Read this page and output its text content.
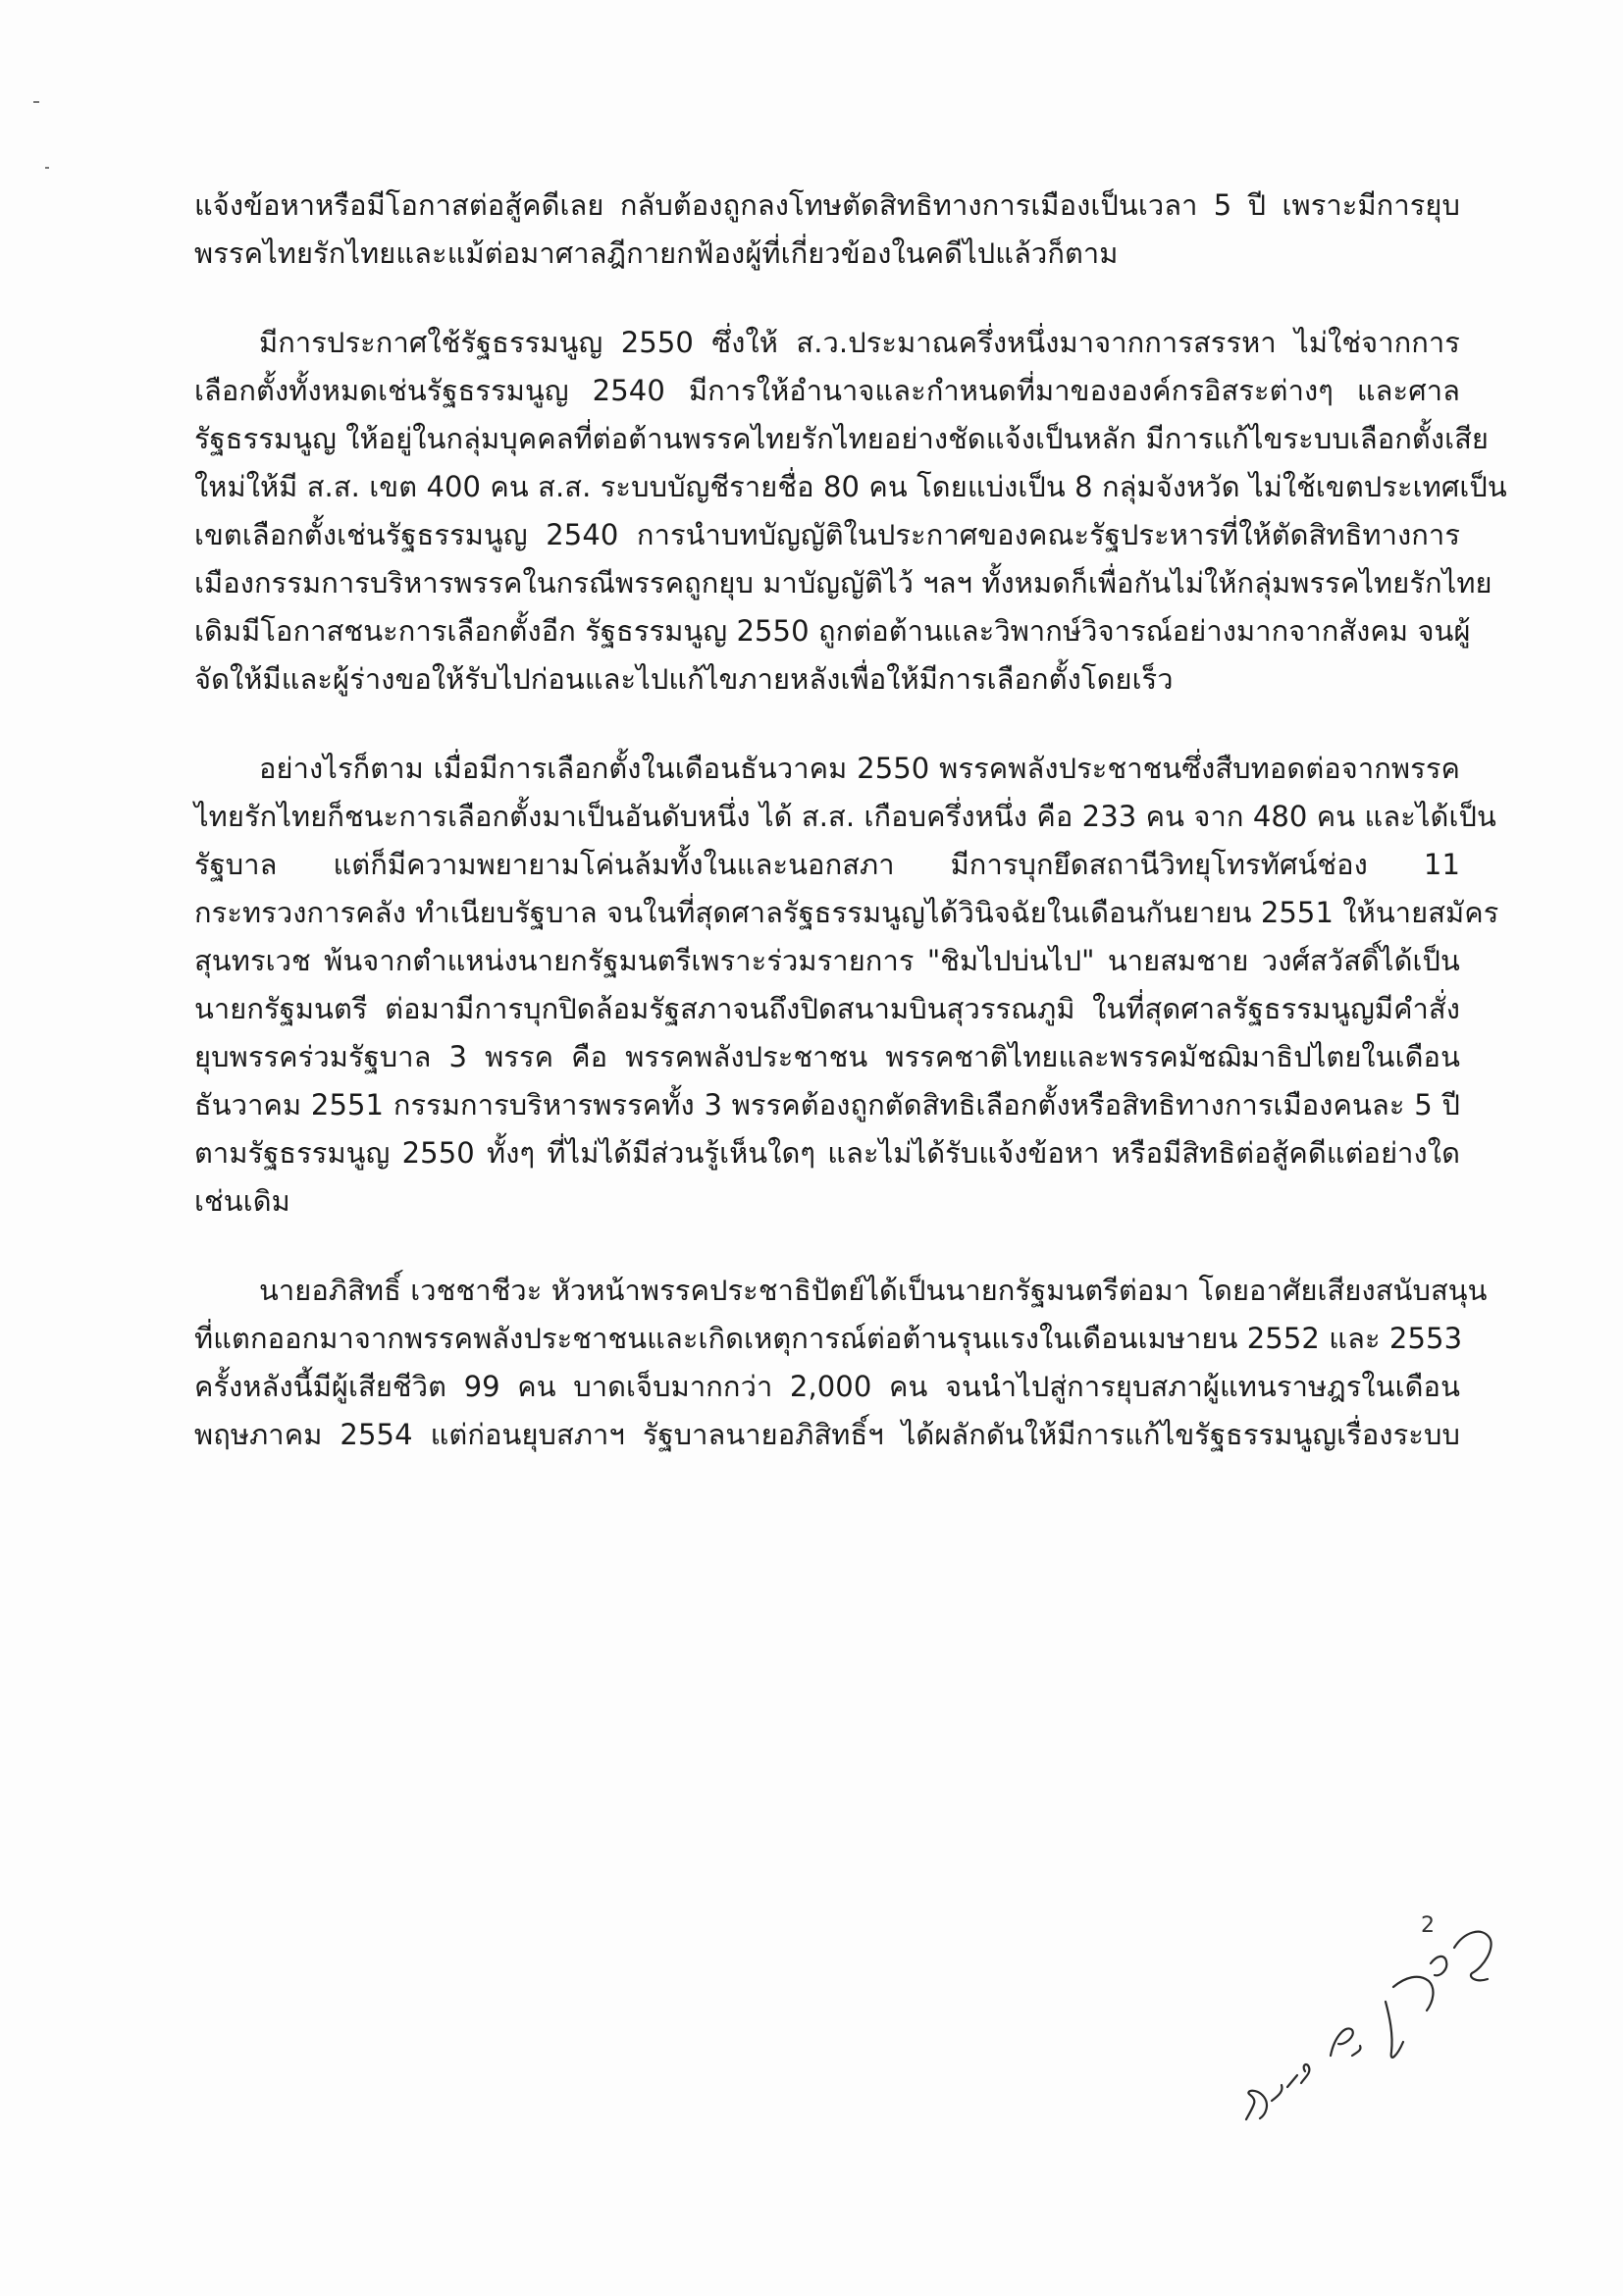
แจ้งข้อหาหรือมีโอกาสต่อสู้คดีเลย กลับต้องถูกลงโทษตัดสิทธิทางการเมืองเป็นเวลา 5 ปี เพราะมีการยุบ
พรรคไทยรักไทยและแม้ต่อมาศาลฎีกายกฟ้องผู้ที่เกี่ยวข้องในคดีไปแล้วก็ตาม
มีการประกาศใช้รัฐธรรมนูญ 2550 ซึ่งให้ ส.ว.ประมาณครึ่งหนึ่งมาจากการสรรหา ไม่ใช่จากการ
เลือกตั้งทั้งหมดเช่นรัฐธรรมนูญ 2540 มีการให้อำนาจและกำหนดที่มาขององค์กรอิสระต่างๆ และศาล
รัฐธรรมนูญ ให้อยู่ในกลุ่มบุคคลที่ต่อต้านพรรคไทยรักไทยอย่างชัดแจ้งเป็นหลัก มีการแก้ไขระบบเลือกตั้งเสีย
ใหม่ให้มี ส.ส. เขต 400 คน ส.ส. ระบบบัญชีรายชื่อ 80 คน โดยแบ่งเป็น 8 กลุ่มจังหวัด ไม่ใช้เขตประเทศเป็น
เขตเลือกตั้งเช่นรัฐธรรมนูญ 2540 การนำบทบัญญัติในประกาศของคณะรัฐประหารที่ให้ตัดสิทธิทางการ
เมืองกรรมการบริหารพรรคในกรณีพรรคถูกยุบ มาบัญญัติไว้ ฯลฯ ทั้งหมดก็เพื่อกันไม่ให้กลุ่มพรรคไทยรักไทย
เดิมมีโอกาสชนะการเลือกตั้งอีก รัฐธรรมนูญ 2550 ถูกต่อต้านและวิพากษ์วิจารณ์อย่างมากจากสังคม จนผู้
จัดให้มีและผู้ร่างขอให้รับไปก่อนและไปแก้ไขภายหลังเพื่อให้มีการเลือกตั้งโดยเร็ว
อย่างไรก็ตาม เมื่อมีการเลือกตั้งในเดือนธันวาคม 2550 พรรคพลังประชาชนซึ่งสืบทอดต่อจากพรรค
ไทยรักไทยก็ชนะการเลือกตั้งมาเป็นอันดับหนึ่ง ได้ ส.ส. เกือบครึ่งหนึ่ง คือ 233 คน จาก 480 คน และได้เป็น
รัฐบาล แต่ก็มีความพยายามโค่นล้มทั้งในและนอกสภา มีการบุกยึดสถานีวิทยุโทรทัศน์ช่อง 11
กระทรวงการคลัง ทำเนียบรัฐบาล จนในที่สุดศาลรัฐธรรมนูญได้วินิจฉัยในเดือนกันยายน 2551 ให้นายสมัคร
สุนทรเวช พ้นจากตำแหน่งนายกรัฐมนตรีเพราะร่วมรายการ "ชิมไปบ่นไป" นายสมชาย วงศ์สวัสดิ์ได้เป็น
นายกรัฐมนตรี ต่อมามีการบุกปิดล้อมรัฐสภาจนถึงปิดสนามบินสุวรรณภูมิ ในที่สุดศาลรัฐธรรมนูญมีคำสั่ง
ยุบพรรคร่วมรัฐบาล 3 พรรค คือ พรรคพลังประชาชน พรรคชาติไทยและพรรคมัชฌิมาธิปไตยในเดือน
ธันวาคม 2551 กรรมการบริหารพรรคทั้ง 3 พรรคต้องถูกตัดสิทธิเลือกตั้งหรือสิทธิทางการเมืองคนละ 5 ปี
ตามรัฐธรรมนูญ 2550 ทั้งๆ ที่ไม่ได้มีส่วนรู้เห็นใดๆ และไม่ได้รับแจ้งข้อหา หรือมีสิทธิต่อสู้คดีแต่อย่างใด
เช่นเดิม
นายอภิสิทธิ์ เวชชาชีวะ หัวหน้าพรรคประชาธิปัตย์ได้เป็นนายกรัฐมนตรีต่อมา โดยอาศัยเสียงสนับสนุน
ที่แตกออกมาจากพรรคพลังประชาชนและเกิดเหตุการณ์ต่อต้านรุนแรงในเดือนเมษายน 2552 และ 2553
ครั้งหลังนี้มีผู้เสียชีวิต 99 คน บาดเจ็บมากกว่า 2,000 คน จนนำไปสู่การยุบสภาผู้แทนราษฎรในเดือน
พฤษภาคม 2554 แต่ก่อนยุบสภาฯ รัฐบาลนายอภิสิทธิ์ฯ ได้ผลักดันให้มีการแก้ไขรัฐธรรมนูญเรื่องระบบ
2
